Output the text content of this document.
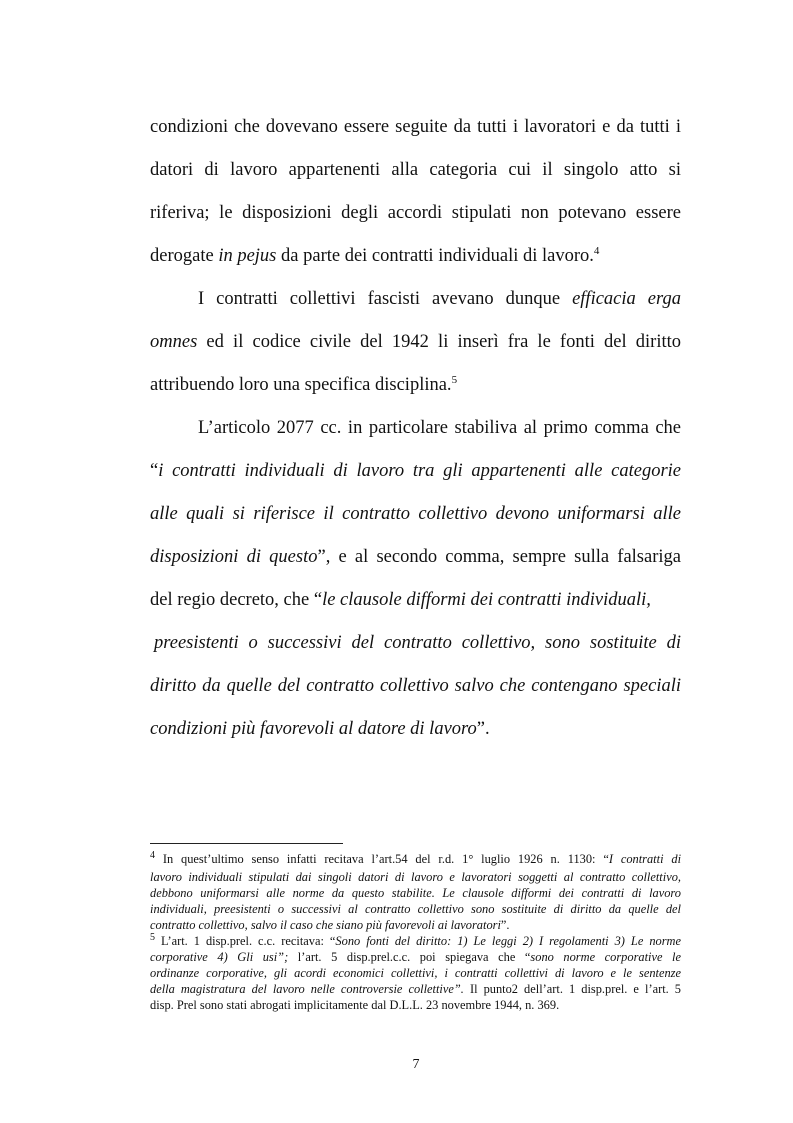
condizioni che dovevano essere seguite da tutti i lavoratori e da tutti i
datori di lavoro appartenenti alla categoria cui il singolo atto si
riferiva; le disposizioni degli accordi stipulati non potevano essere
derogate in pejus da parte dei contratti individuali di lavoro.$^4$
I contratti collettivi fascisti avevano dunque efficacia erga
omnes ed il codice civile del 1942 li inserì fra le fonti del diritto
attribuendo loro una specifica disciplina.$^5$
L’articolo 2077 cc. in particolare stabiliva al primo comma che
“i contratti individuali di lavoro tra gli appartenenti alle categorie
alle quali si riferisce il contratto collettivo devono uniformarsi alle
disposizioni di questo”, e al secondo comma, sempre sulla falsariga
del regio decreto, che “le clausole difformi dei contratti individuali,
preesistenti o successivi del contratto collettivo, sono sostituite di
diritto da quelle del contratto collettivo salvo che contengano speciali
condizioni più favorevoli al datore di lavoro”.
$^4$ In quest’ultimo senso infatti recitava l’art.54 del r.d. 1° luglio 1926 n. 1130: “I contratti di
lavoro individuali stipulati dai singoli datori di lavoro e lavoratori soggetti al contratto collettivo,
debbono uniformarsi alle norme da questo stabilite. Le clausole difformi dei contratti di lavoro
individuali, preesistenti o successivi al contratto collettivo sono sostituite di diritto da quelle del
contratto collettivo, salvo il caso che siano più favorevoli ai lavoratori”.
$^5$ L’art. 1 disp.prel. c.c. recitava: “Sono fonti del diritto: 1) Le leggi 2) I regolamenti 3) Le norme
corporative 4) Gli usi”; l’art. 5 disp.prel.c.c. poi spiegava che “sono norme corporative le
ordinanze corporative, gli acordi economici collettivi, i contratti collettivi di lavoro e le sentenze
della magistratura del lavoro nelle controversie collettive”. Il punto2 dell’art. 1 disp.prel. e l’art. 5
disp. Prel sono stati abrogati implicitamente dal D.L.L. 23 novembre 1944, n. 369.
7
